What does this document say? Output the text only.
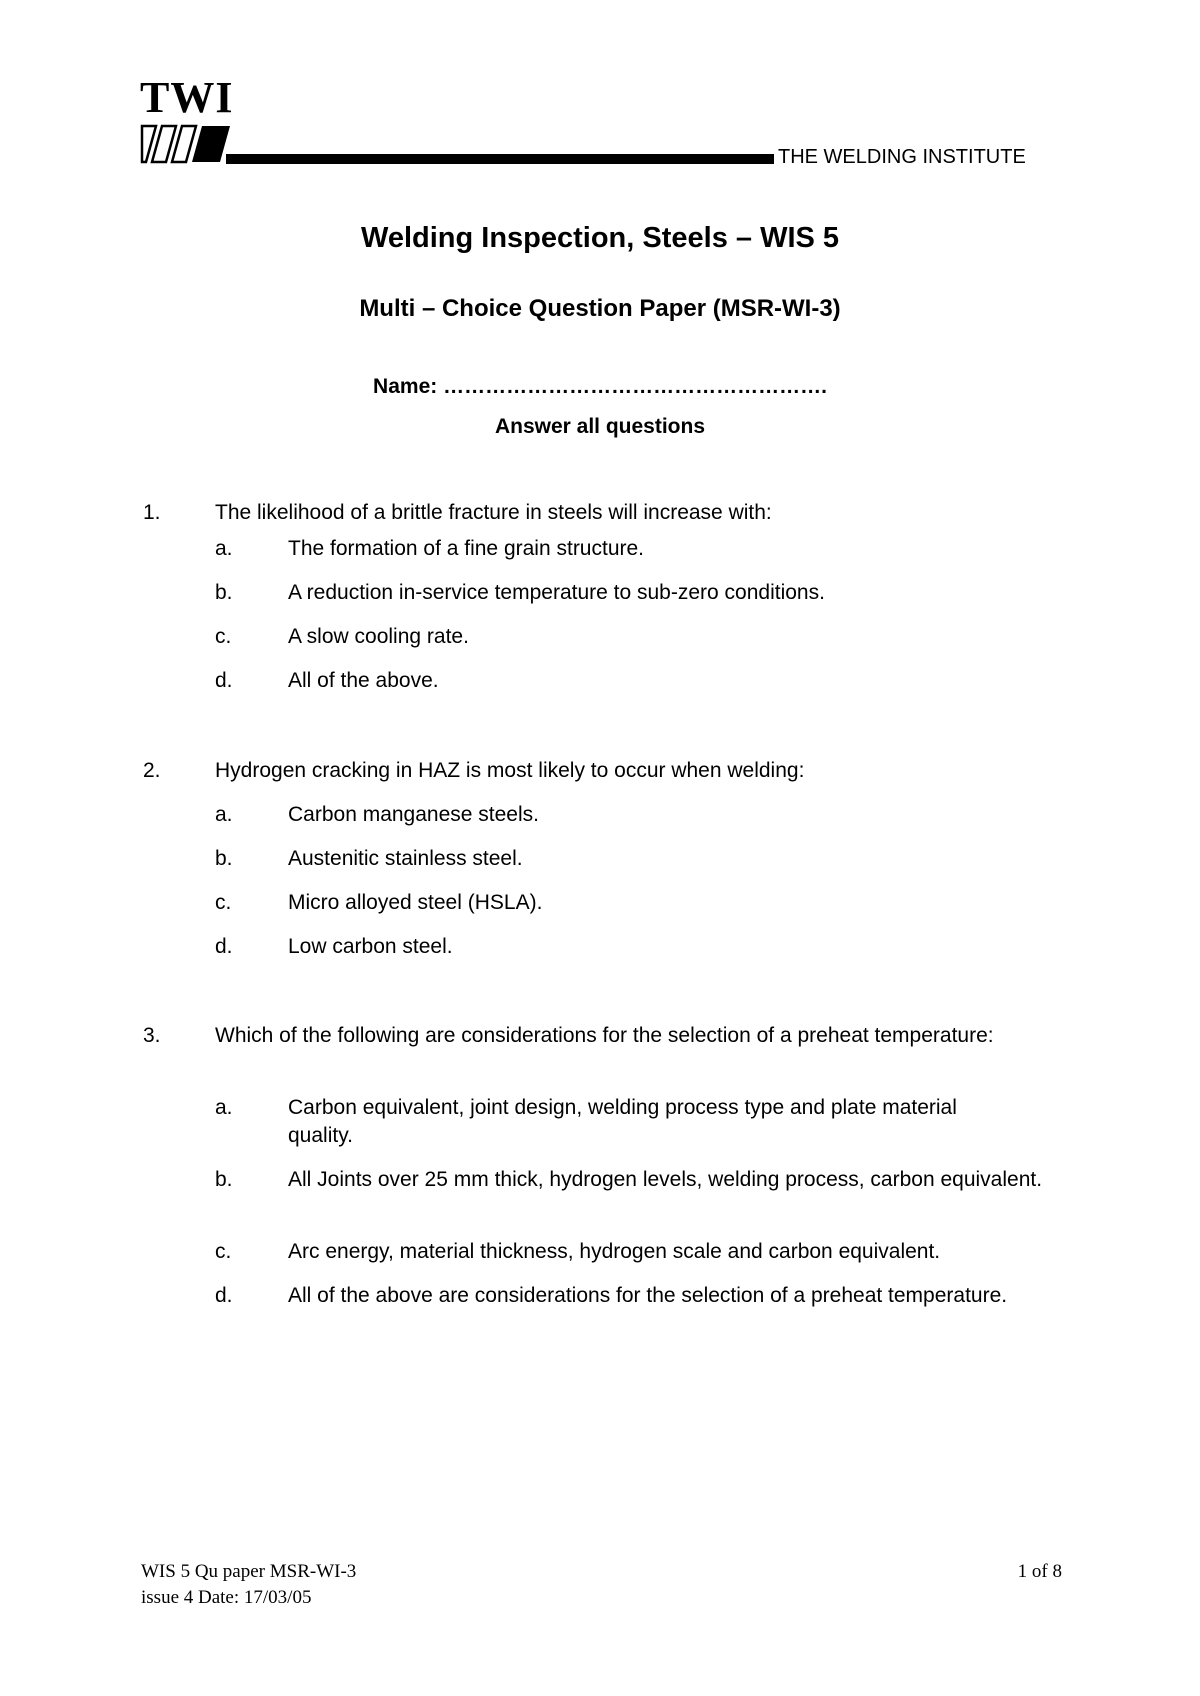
TWI
THE WELDING INSTITUTE
Welding Inspection, Steels – WIS 5
Multi – Choice Question Paper (MSR-WI-3)
Name: ……………………………………………….
Answer all questions
1.	The likelihood of a brittle fracture in steels will increase with:
a.	The formation of a fine grain structure.
b.	A reduction in-service temperature to sub-zero conditions.
c.	A slow cooling rate.
d.	All of the above.
2.	Hydrogen cracking in HAZ is most likely to occur when welding:
a.	Carbon manganese steels.
b.	Austenitic stainless steel.
c.	Micro alloyed steel (HSLA).
d.	Low carbon steel.
3.	Which of the following are considerations for the selection of a preheat temperature:
a.	Carbon equivalent, joint design, welding process type and plate material quality.
b.	All Joints over 25 mm thick, hydrogen levels, welding process, carbon equivalent.
c.	Arc energy, material thickness, hydrogen scale and carbon equivalent.
d.	All of the above are considerations for the selection of a preheat temperature.
WIS 5 Qu paper MSR-WI-3
issue 4 Date: 17/03/05
1 of 8
